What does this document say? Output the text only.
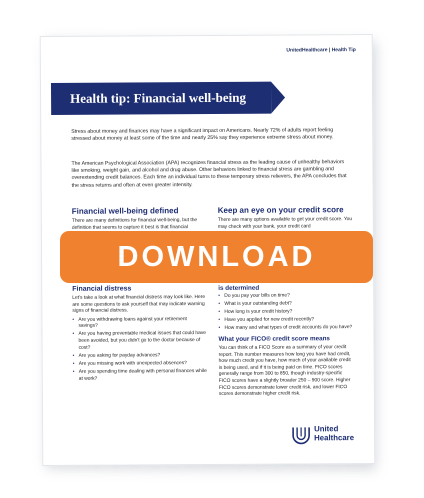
UnitedHealthcare | Health Tip
Health tip: Financial well-being
Stress about money and finances may have a significant impact on Americans. Nearly 72% of adults report feeling stressed about money at least some of the time and nearly 25% say they experience extreme stress about money.
The American Psychological Association (APA) recognizes financial stress as the leading cause of unhealthy behaviors like smoking, weight gain, and alcohol and drug abuse. Other behaviors linked to financial stress are gambling and overextending credit balances. Each time an individual turns to these temporary stress relievers, the APA concludes that the stress returns and often at even greater intensity.
Financial well-being defined
There are many definitions for financial well-being, but the definition that seems to capture it best is that financial
Financial distress
Let's take a look at what financial distress may look like. Here are some questions to ask yourself that may indicate warning signs of financial distress.
• Are you withdrawing loans against your retirement savings?
• Are you having preventable medical issues that could have been avoided, but you didn't go to the doctor because of cost?
• Are you asking for payday advances?
• Are you missing work with unexpected absences?
• Are you spending time dealing with personal finances while at work?
Keep an eye on your credit score
There are many options available to get your credit score. You may check with your bank, your credit card
is determined
• Do you pay your bills on time?
• What is your outstanding debt?
• How long is your credit history?
• Have you applied for new credit recently?
• How many and what types of credit accounts do you have?
What your FICO® credit score means
You can think of a FICO Score as a summary of your credit report. This number measures how long you have had credit, how much credit you have, how much of your available credit is being used, and if it is being paid on time. FICO scores generally range from 300 to 850, though industry-specific FICO scores have a slightly broader 250 – 900 score. Higher FICO scores demonstrate lower credit risk, and lower FICO scores demonstrate higher credit risk.
United
Healthcare
DOWNLOAD
